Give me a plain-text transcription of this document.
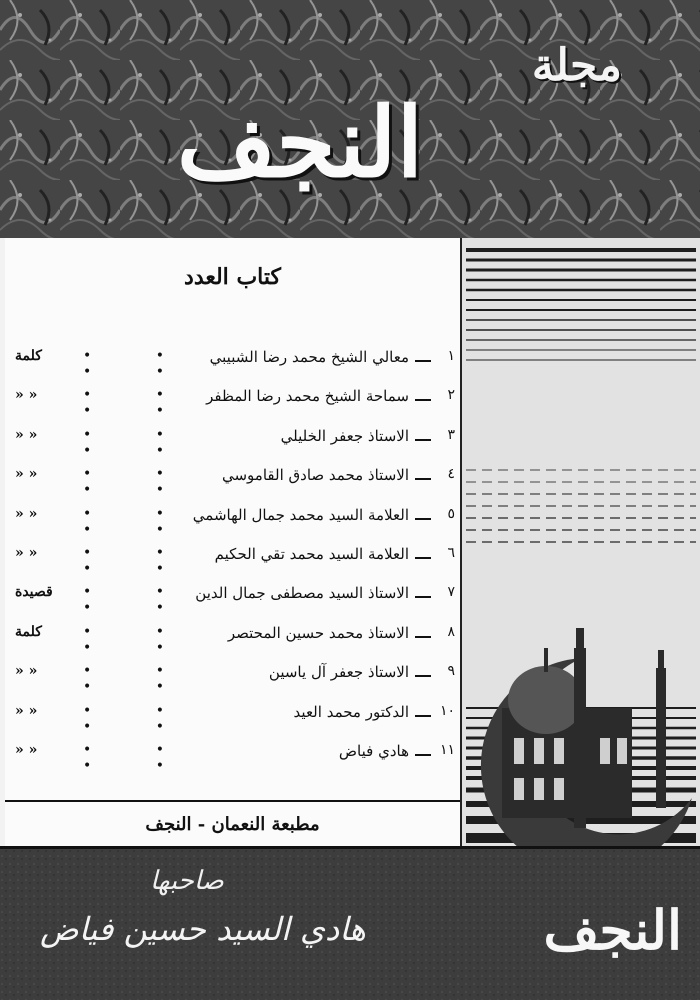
مجلة
النجف
كتاب العدد
١
معالي الشيخ محمد رضا الشبيبي
• • • •
كلمة
٢
سماحة الشيخ محمد رضا المظفر
• • • •
« «
٣
الاستاذ جعفر الخليلي
• • • •
« «
٤
الاستاذ محمد صادق القاموسي
• • • •
« «
٥
العلامة السيد محمد جمال الهاشمي
• • • •
« «
٦
العلامة السيد محمد تقي الحكيم
• • • •
« «
٧
الاستاذ السيد مصطفى جمال الدين
• • • •
قصيدة
٨
الاستاذ محمد حسين المحتصر
• • • •
كلمة
٩
الاستاذ جعفر آل ياسين
• • • •
« «
١٠
الدكتور محمد العيد
• • • •
« «
١١
هادي فياض
• • • •
« «
مطبعة النعمان - النجف
صاحبها
هادي السيد حسين فياض	النجف
